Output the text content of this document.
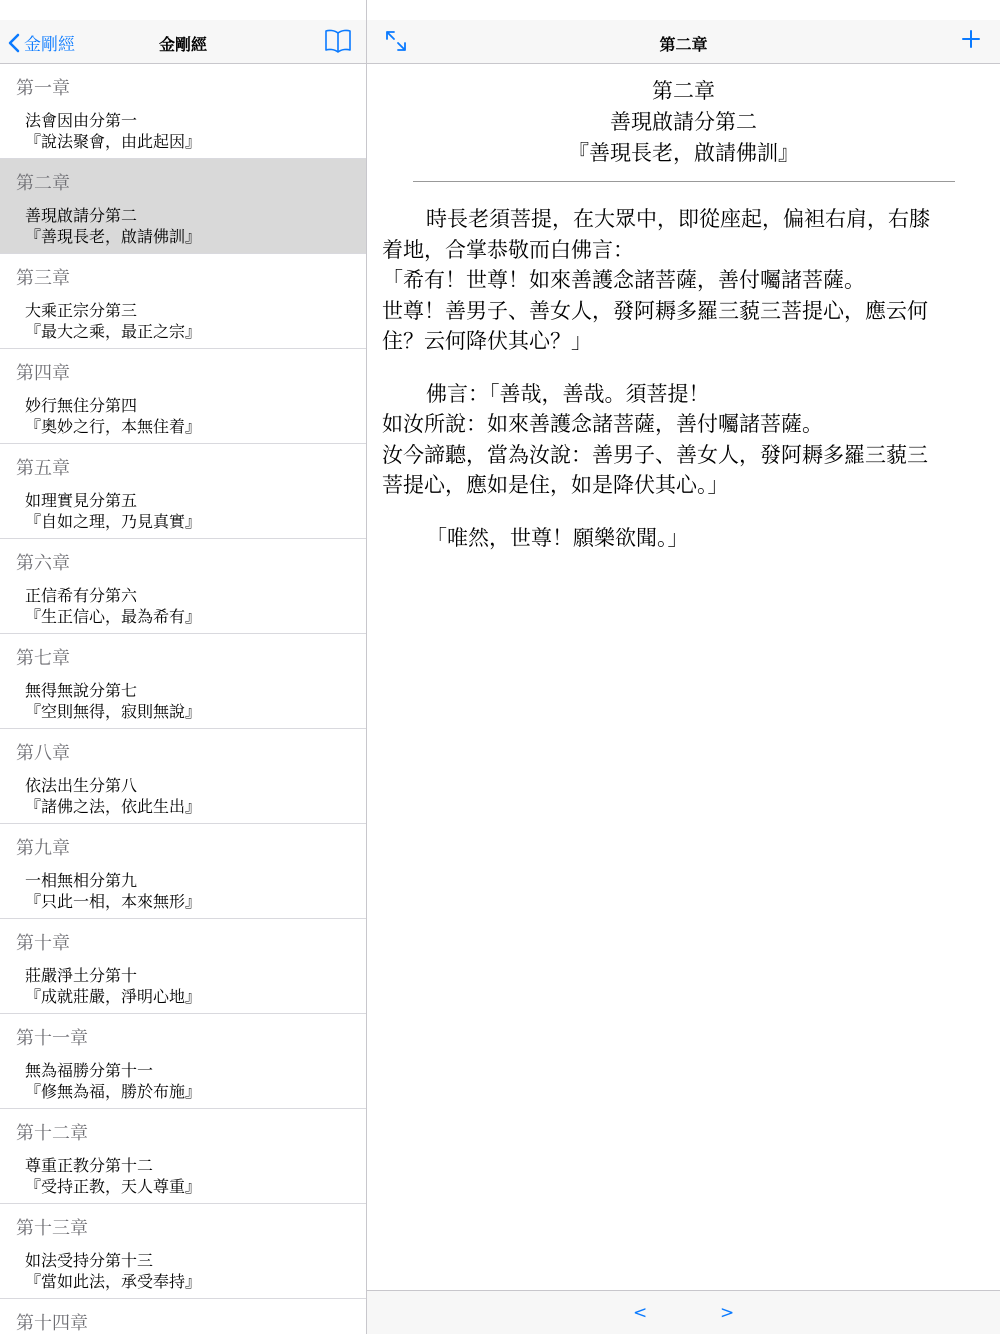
金剛經	金剛經
第一章
法會因由分第一
『說法聚會，由此起因』
第二章
善現啟請分第二
『善現長老，啟請佛訓』
第三章
大乘正宗分第三
『最大之乘，最正之宗』
第四章
妙行無住分第四
『奧妙之行，本無住着』
第五章
如理實見分第五
『自如之理，乃見真實』
第六章
正信希有分第六
『生正信心，最為希有』
第七章
無得無說分第七
『空則無得，寂則無說』
第八章
依法出生分第八
『諸佛之法，依此生出』
第九章
一相無相分第九
『只此一相，本來無形』
第十章
莊嚴淨土分第十
『成就莊嚴，淨明心地』
第十一章
無為福勝分第十一
『修無為福，勝於布施』
第十二章
尊重正教分第十二
『受持正教，天人尊重』
第十三章
如法受持分第十三
『當如此法，承受奉持』
第十四章
第二章
第二章
善現啟請分第二
『善現長老，啟請佛訓』
時長老須菩提，在大眾中，即從座起，偏袒右肩，右膝
着地，合掌恭敬而白佛言：
「希有！世尊！如來善護念諸菩薩，善付囑諸菩薩。
世尊！善男子、善女人，發阿耨多羅三藐三菩提心，應云何
住？云何降伏其心？」
佛言：「善哉，善哉。須菩提！
如汝所說：如來善護念諸菩薩，善付囑諸菩薩。
汝今諦聽，當為汝說：善男子、善女人，發阿耨多羅三藐三
菩提心，應如是住，如是降伏其心。」
「唯然，世尊！願樂欲聞。」
<	>
